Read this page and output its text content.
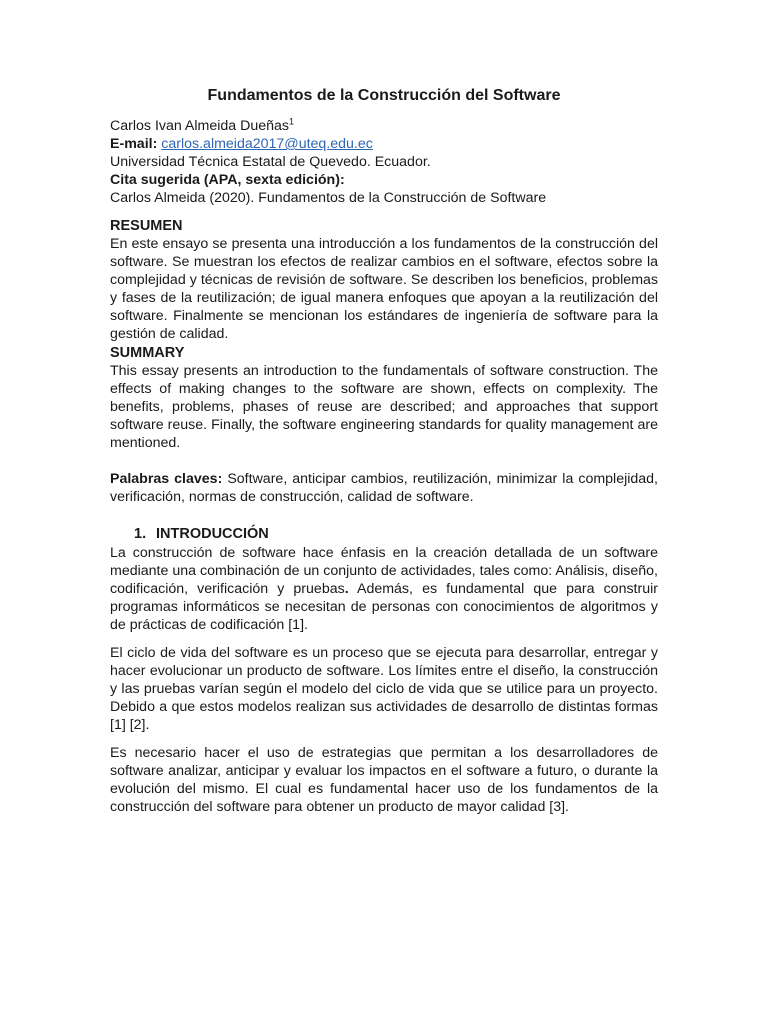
Fundamentos de la Construcción del Software
Carlos Ivan Almeida Dueñas$^1$
E-mail: carlos.almeida2017@uteq.edu.ec
Universidad Técnica Estatal de Quevedo. Ecuador.
Cita sugerida (APA, sexta edición):
Carlos Almeida (2020). Fundamentos de la Construcción de Software
RESUMEN

En este ensayo se presenta una introducción a los fundamentos de la construcción del software. Se muestran los efectos de realizar cambios en el software, efectos sobre la complejidad y técnicas de revisión de software. Se describen los beneficios, problemas y fases de la reutilización; de igual manera enfoques que apoyan a la reutilización del software. Finalmente se mencionan los estándares de ingeniería de software para la gestión de calidad.

SUMMARY

This essay presents an introduction to the fundamentals of software construction. The effects of making changes to the software are shown, effects on complexity. The benefits, problems, phases of reuse are described; and approaches that support software reuse. Finally, the software engineering standards for quality management are mentioned.

Palabras claves: Software, anticipar cambios, reutilización, minimizar la complejidad, verificación, normas de construcción, calidad de software.

1. INTRODUCCIÓN

La construcción de software hace énfasis en la creación detallada de un software mediante una combinación de un conjunto de actividades, tales como: Análisis, diseño, codificación, verificación y pruebas. Además, es fundamental que para construir programas informáticos se necesitan de personas con conocimientos de algoritmos y de prácticas de codificación [1].

El ciclo de vida del software es un proceso que se ejecuta para desarrollar, entregar y hacer evolucionar un producto de software. Los límites entre el diseño, la construcción y las pruebas varían según el modelo del ciclo de vida que se utilice para un proyecto. Debido a que estos modelos realizan sus actividades de desarrollo de distintas formas [1] [2].

Es necesario hacer el uso de estrategias que permitan a los desarrolladores de software analizar, anticipar y evaluar los impactos en el software a futuro, o durante la evolución del mismo. El cual es fundamental hacer uso de los fundamentos de la construcción del software para obtener un producto de mayor calidad [3].
